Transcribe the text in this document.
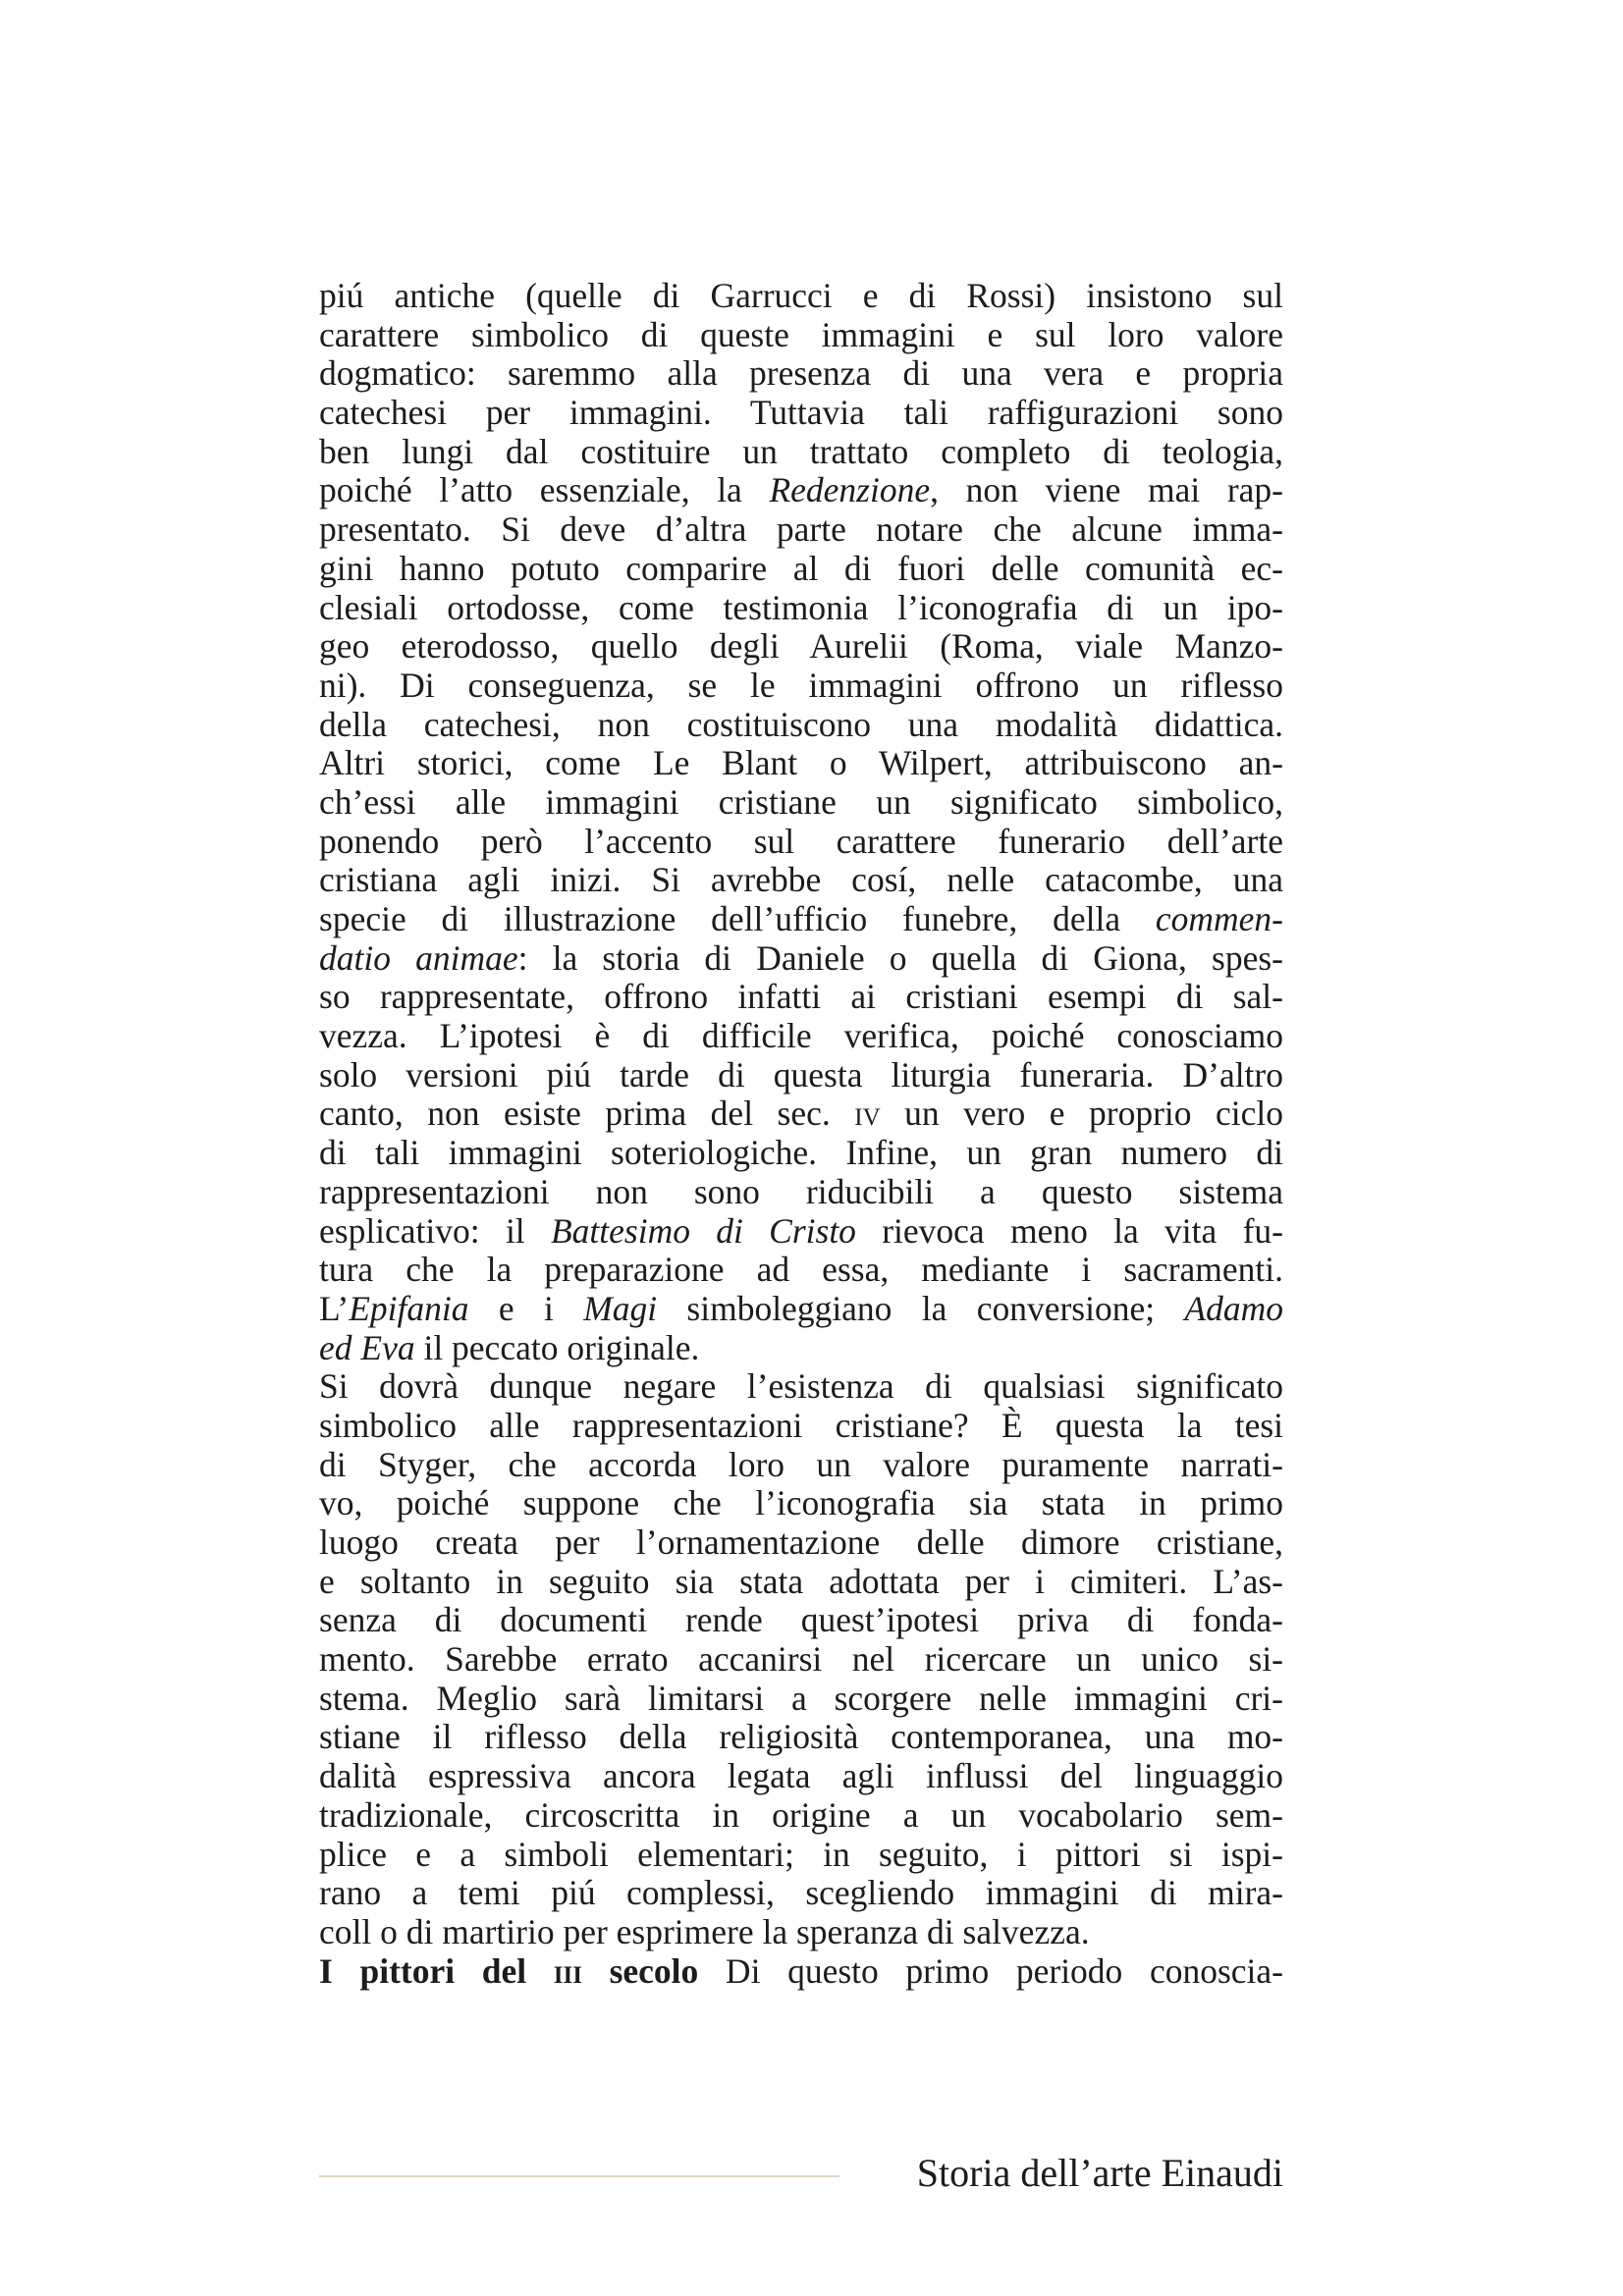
piú antiche (quelle di Garrucci e di Rossi) insistono sul
carattere simbolico di queste immagini e sul loro valore
dogmatico: saremmo alla presenza di una vera e propria
catechesi per immagini. Tuttavia tali raffigurazioni sono
ben lungi dal costituire un trattato completo di teologia,
poiché l’atto essenziale, la Redenzione, non viene mai rap-
presentato. Si deve d’altra parte notare che alcune imma-
gini hanno potuto comparire al di fuori delle comunità ec-
clesiali ortodosse, come testimonia l’iconografia di un ipo-
geo eterodosso, quello degli Aurelii (Roma, viale Manzo-
ni). Di conseguenza, se le immagini offrono un riflesso
della catechesi, non costituiscono una modalità didattica.
Altri storici, come Le Blant o Wilpert, attribuiscono an-
ch’essi alle immagini cristiane un significato simbolico,
ponendo però l’accento sul carattere funerario dell’arte
cristiana agli inizi. Si avrebbe cosí, nelle catacombe, una
specie di illustrazione dell’ufficio funebre, della commen-
datio animae: la storia di Daniele o quella di Giona, spes-
so rappresentate, offrono infatti ai cristiani esempi di sal-
vezza. L’ipotesi è di difficile verifica, poiché conosciamo
solo versioni piú tarde di questa liturgia funeraria. D’altro
canto, non esiste prima del sec. iv un vero e proprio ciclo
di tali immagini soteriologiche. Infine, un gran numero di
rappresentazioni non sono riducibili a questo sistema
esplicativo: il Battesimo di Cristo rievoca meno la vita fu-
tura che la preparazione ad essa, mediante i sacramenti.
L’Epifania e i Magi simboleggiano la conversione; Adamo
ed Eva il peccato originale.
Si dovrà dunque negare l’esistenza di qualsiasi significato
simbolico alle rappresentazioni cristiane? È questa la tesi
di Styger, che accorda loro un valore puramente narrati-
vo, poiché suppone che l’iconografia sia stata in primo
luogo creata per l’ornamentazione delle dimore cristiane,
e soltanto in seguito sia stata adottata per i cimiteri. L’as-
senza di documenti rende quest’ipotesi priva di fonda-
mento. Sarebbe errato accanirsi nel ricercare un unico si-
stema. Meglio sarà limitarsi a scorgere nelle immagini cri-
stiane il riflesso della religiosità contemporanea, una mo-
dalità espressiva ancora legata agli influssi del linguaggio
tradizionale, circoscritta in origine a un vocabolario sem-
plice e a simboli elementari; in seguito, i pittori si ispi-
rano a temi piú complessi, scegliendo immagini di mira-
coll o di martirio per esprimere la speranza di salvezza.
I pittori del iii secolo Di questo primo periodo conoscia-
Storia dell’arte Einaudi
